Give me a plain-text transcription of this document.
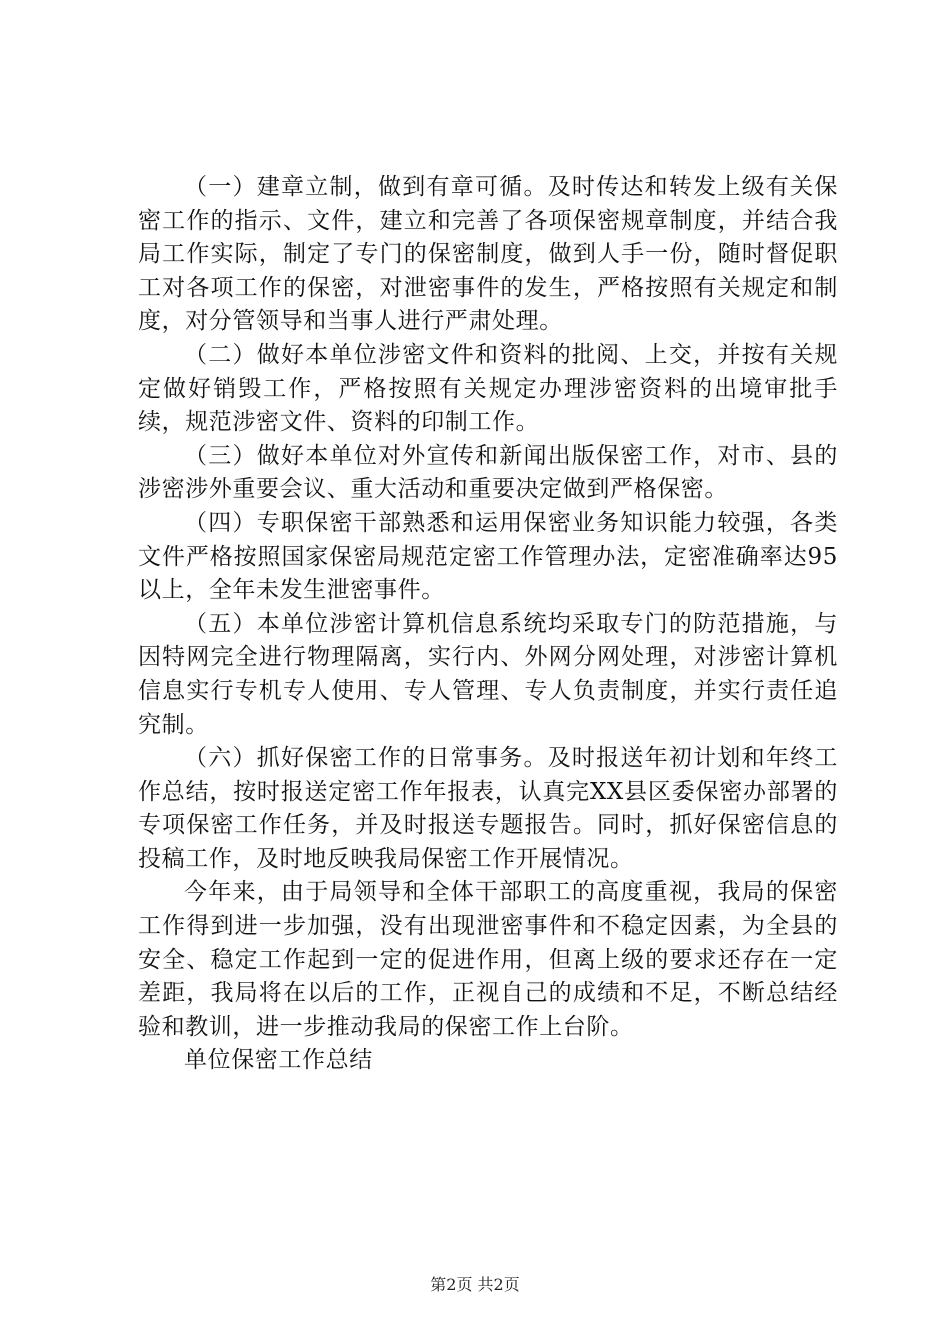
（一）建章立制，做到有章可循。及时传达和转发上级有关保密工作的指示、文件，建立和完善了各项保密规章制度，并结合我局工作实际，制定了专门的保密制度，做到人手一份，随时督促职工对各项工作的保密，对泄密事件的发生，严格按照有关规定和制度，对分管领导和当事人进行严肃处理。

（二）做好本单位涉密文件和资料的批阅、上交，并按有关规定做好销毁工作，严格按照有关规定办理涉密资料的出境审批手续，规范涉密文件、资料的印制工作。

（三）做好本单位对外宣传和新闻出版保密工作，对市、县的涉密涉外重要会议、重大活动和重要决定做到严格保密。

（四）专职保密干部熟悉和运用保密业务知识能力较强，各类文件严格按照国家保密局规范定密工作管理办法，定密准确率达95以上，全年未发生泄密事件。

（五）本单位涉密计算机信息系统均采取专门的防范措施，与因特网完全进行物理隔离，实行内、外网分网处理，对涉密计算机信息实行专机专人使用、专人管理、专人负责制度，并实行责任追究制。

（六）抓好保密工作的日常事务。及时报送年初计划和年终工作总结，按时报送定密工作年报表，认真完XX县区委保密办部署的专项保密工作任务，并及时报送专题报告。同时，抓好保密信息的投稿工作，及时地反映我局保密工作开展情况。

今年来，由于局领导和全体干部职工的高度重视，我局的保密工作得到进一步加强，没有出现泄密事件和不稳定因素，为全县的安全、稳定工作起到一定的促进作用，但离上级的要求还存在一定差距，我局将在以后的工作，正视自己的成绩和不足，不断总结经验和教训，进一步推动我局的保密工作上台阶。

单位保密工作总结

第2页 共2页
